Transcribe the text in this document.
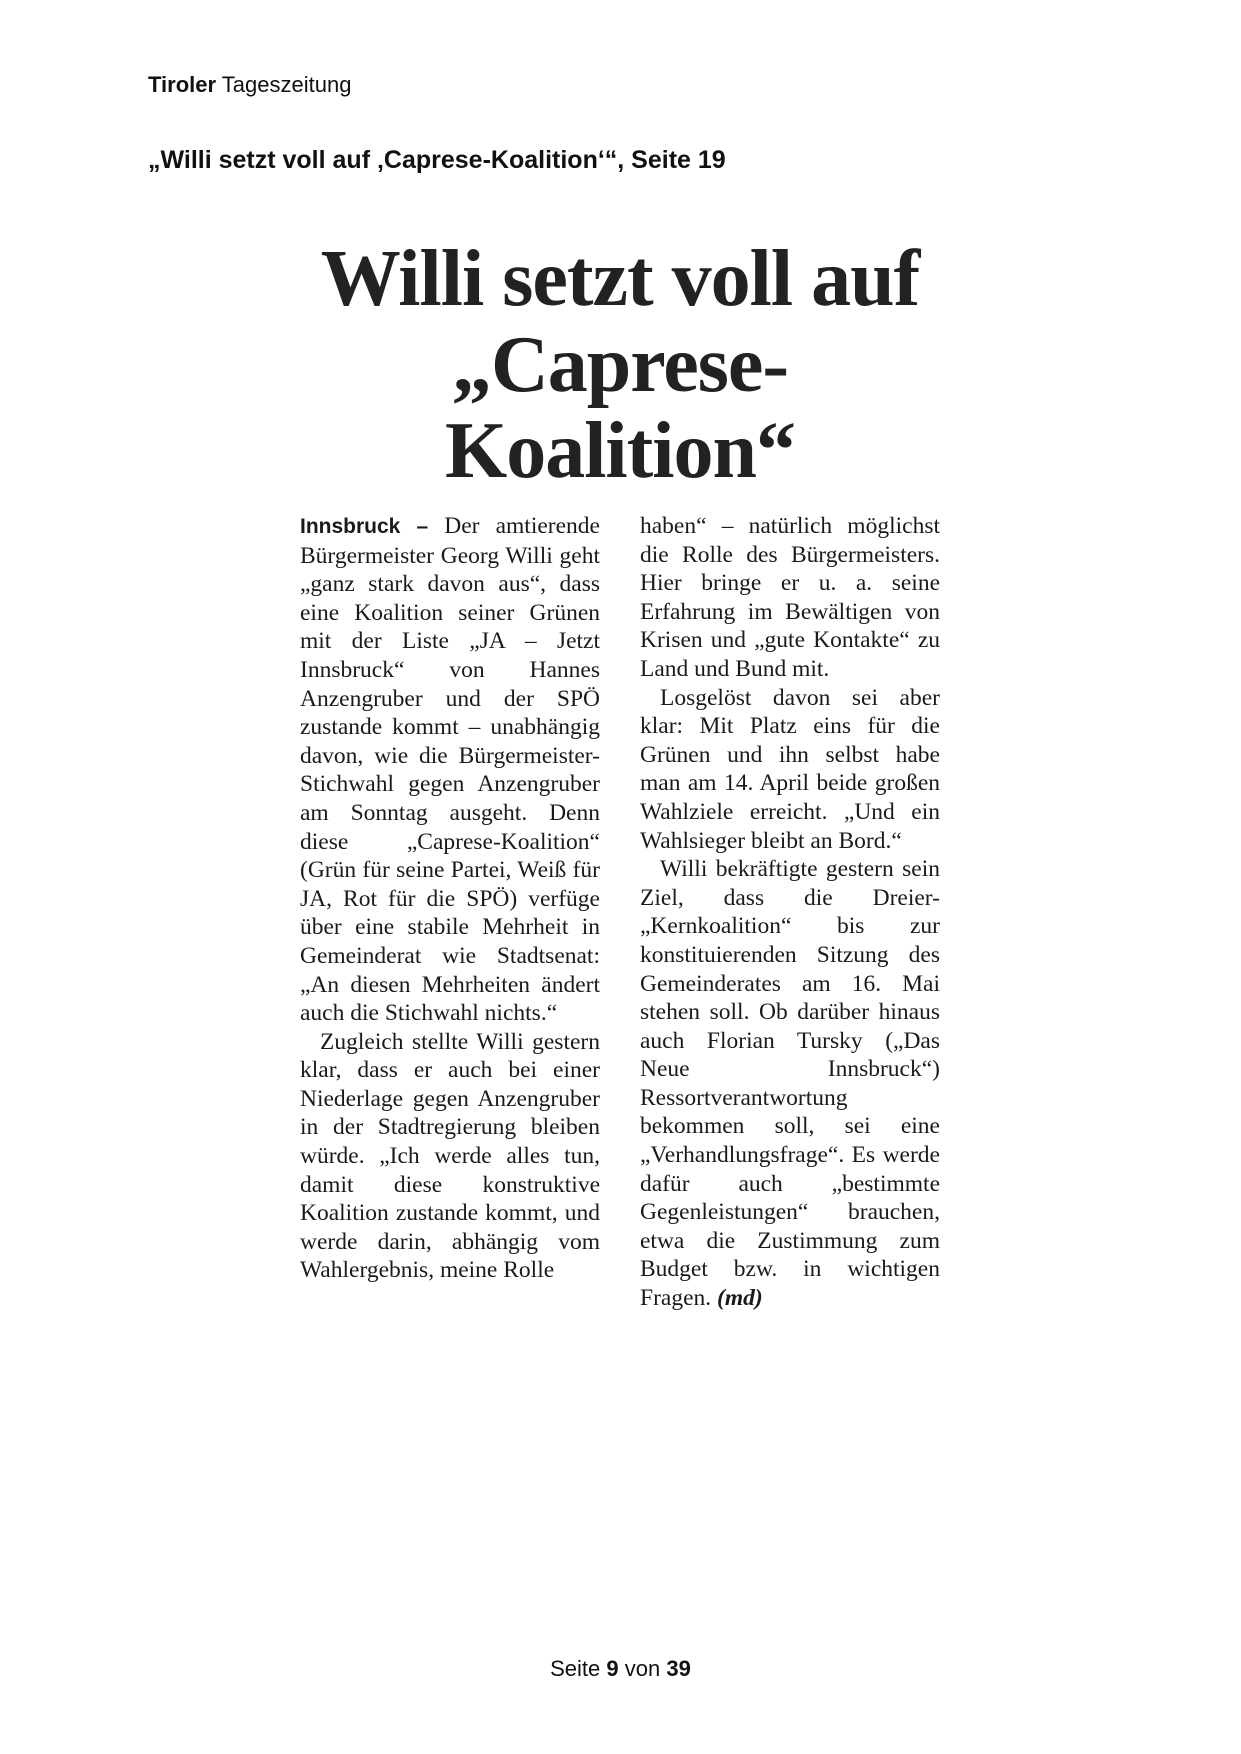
Tiroler Tageszeitung
„Willi setzt voll auf ‚Caprese-Koalition‘“, Seite 19
Willi setzt voll auf
„Caprese-Koalition“

Innsbruck – Der amtierende Bürgermeister Georg Willi geht „ganz stark davon aus“, dass eine Koalition seiner Grünen mit der Liste „JA – Jetzt Innsbruck“ von Hannes Anzengruber und der SPÖ zustande kommt – unabhängig davon, wie die Bürgermeister-Stichwahl gegen Anzengruber am Sonntag ausgeht. Denn diese „Caprese-Koalition“ (Grün für seine Partei, Weiß für JA, Rot für die SPÖ) verfüge über eine stabile Mehrheit in Gemeinderat wie Stadtsenat: „An diesen Mehrheiten ändert auch die Stichwahl nichts.“

Zugleich stellte Willi gestern klar, dass er auch bei einer Niederlage gegen Anzengruber in der Stadtregierung bleiben würde. „Ich werde alles tun, damit diese konstruktive Koalition zustande kommt, und werde darin, abhängig vom Wahlergebnis, meine Rolle

haben“ – natürlich möglichst die Rolle des Bürgermeisters. Hier bringe er u. a. seine Erfahrung im Bewältigen von Krisen und „gute Kontakte“ zu Land und Bund mit.

Losgelöst davon sei aber klar: Mit Platz eins für die Grünen und ihn selbst habe man am 14. April beide großen Wahlziele erreicht. „Und ein Wahlsieger bleibt an Bord.“

Willi bekräftigte gestern sein Ziel, dass die Dreier-„Kernkoalition“ bis zur konstituierenden Sitzung des Gemeinderates am 16. Mai stehen soll. Ob darüber hinaus auch Florian Tursky („Das Neue Innsbruck“) Ressortverantwortung bekommen soll, sei eine „Verhandlungsfrage“. Es werde dafür auch „bestimmte Gegenleistungen“ brauchen, etwa die Zustimmung zum Budget bzw. in wichtigen Fragen. (md)

Seite 9 von 39
